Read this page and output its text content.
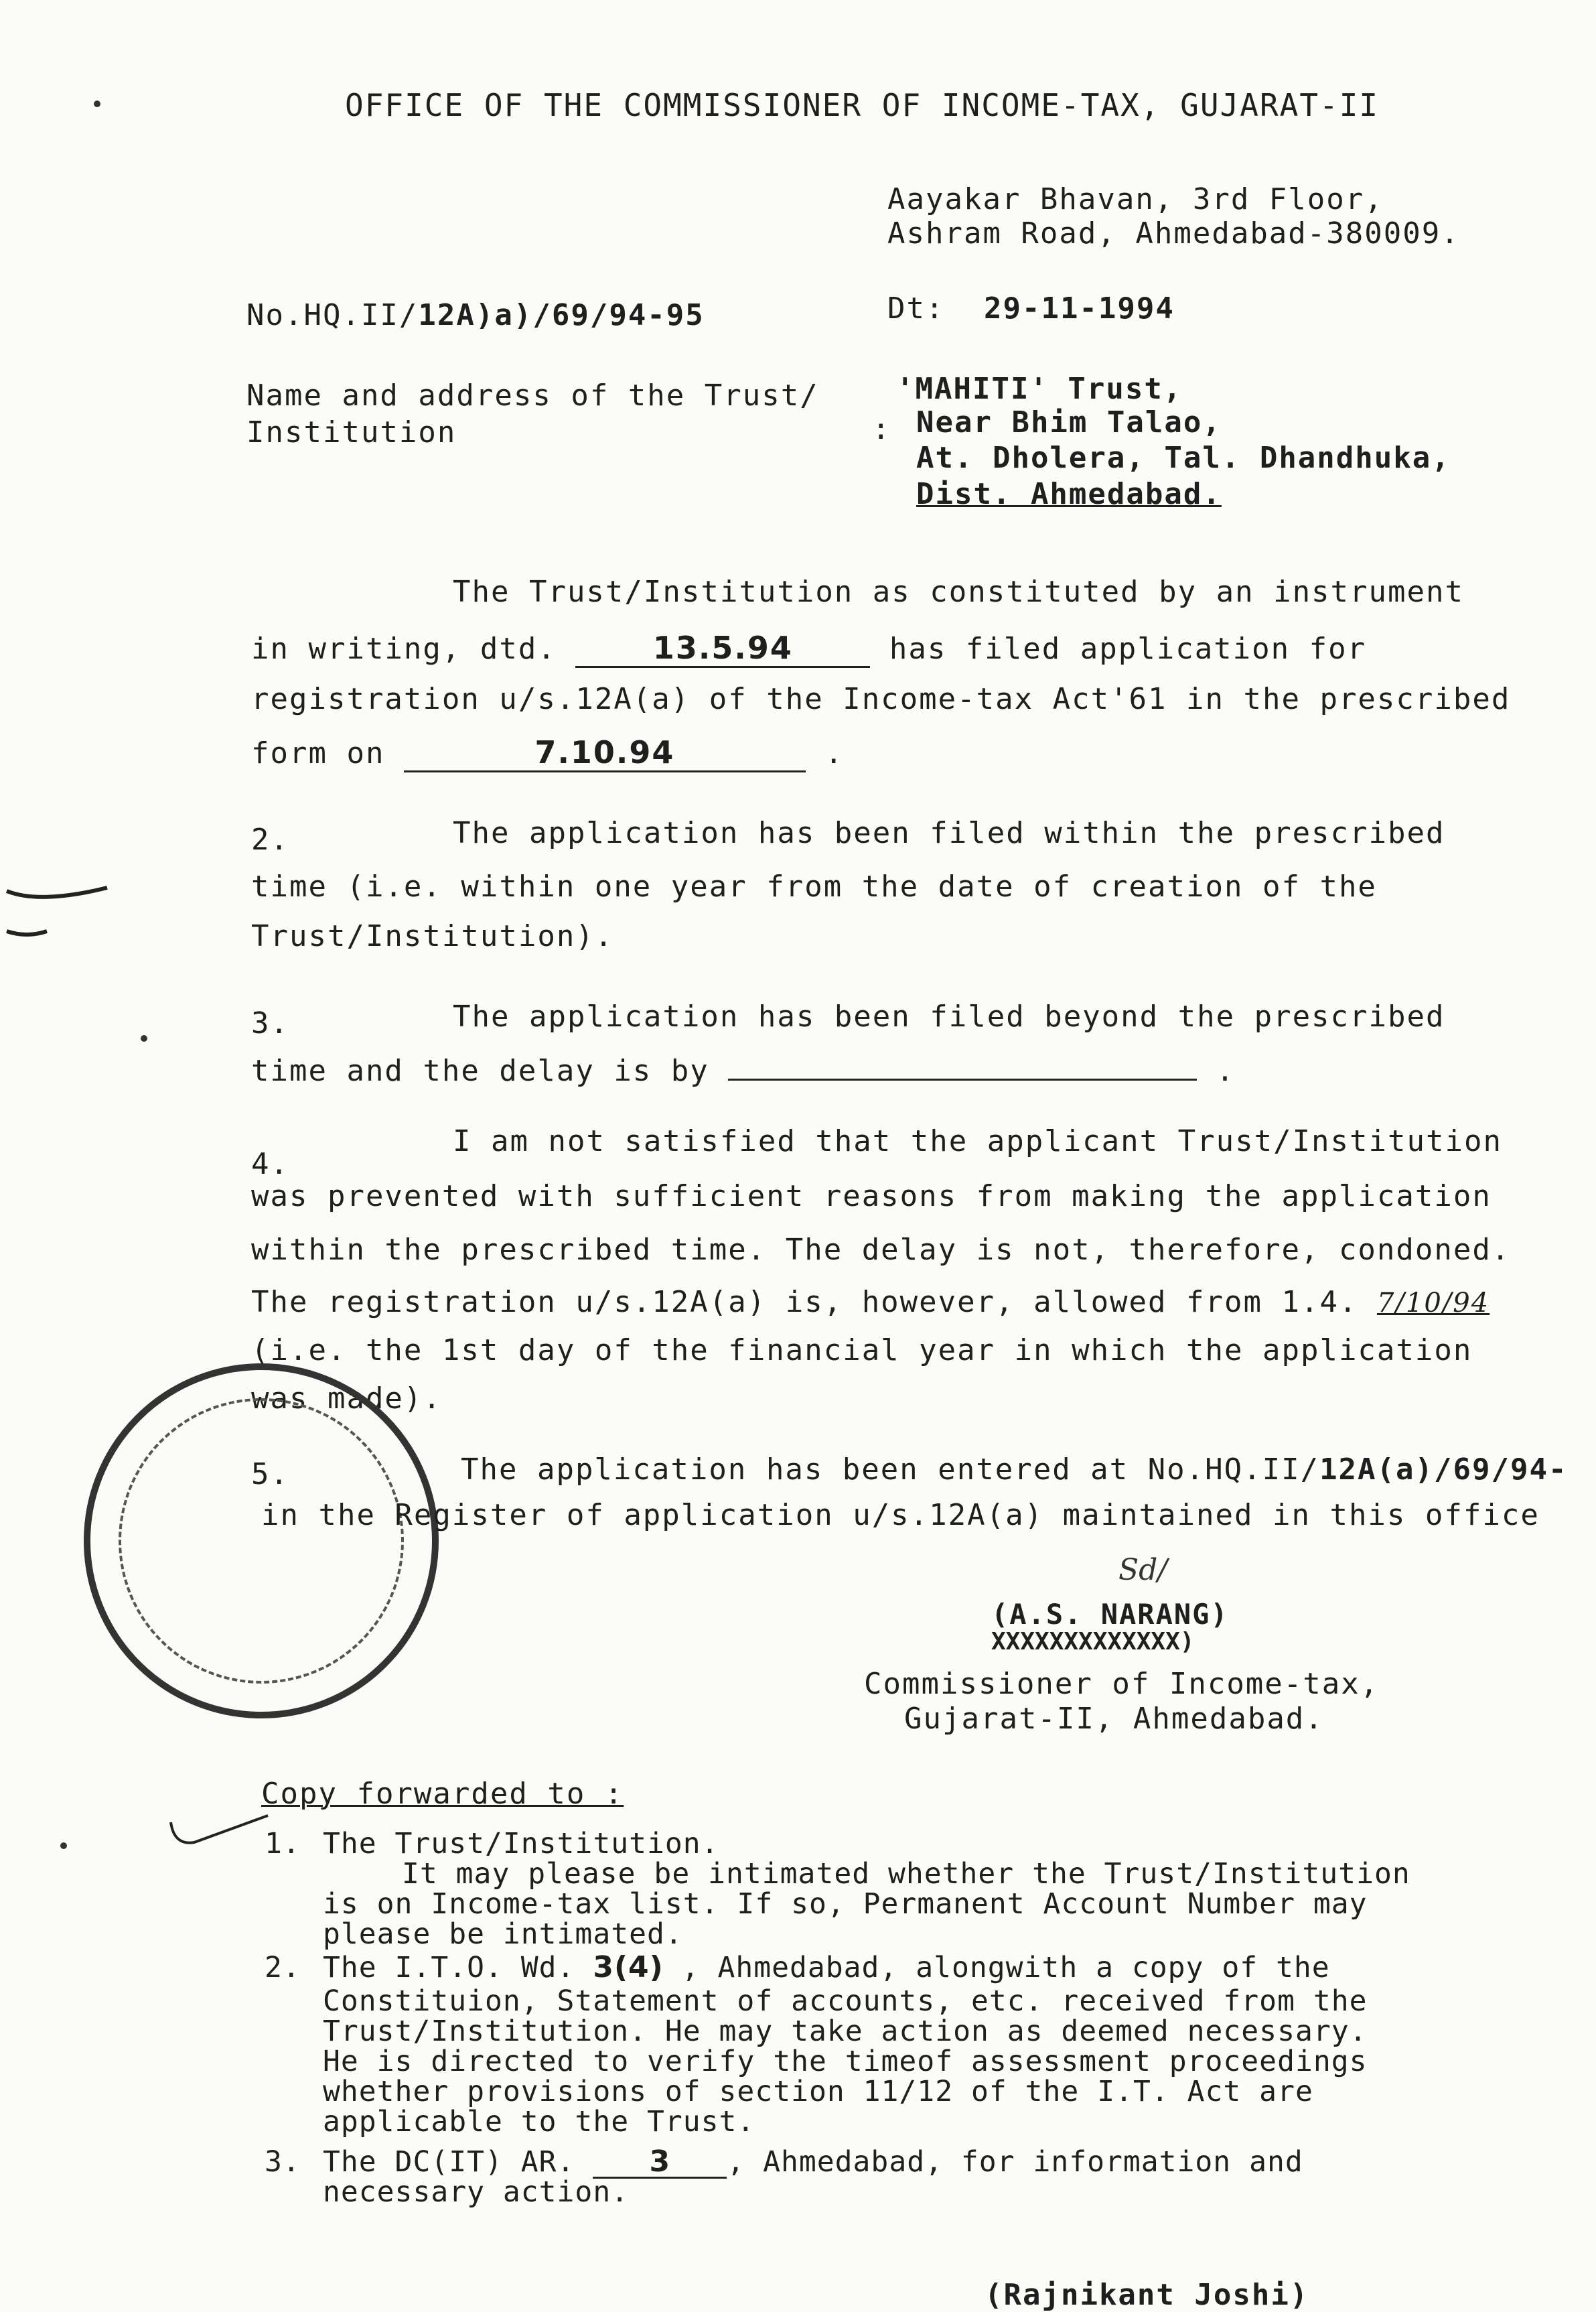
OFFICE OF THE COMMISSIONER OF INCOME-TAX, GUJARAT-II
Aayakar Bhavan, 3rd Floor,
Ashram Road, Ahmedabad-380009.
No.HQ.II/12A)a)/69/94-95	Dt: 29-11-1994
Name and address of the Trust/
Institution	:
'MAHITI' Trust,
Near Bhim Talao,
At. Dholera, Tal. Dhandhuka,
Dist. Ahmedabad.
The Trust/Institution as constituted by an instrument
in writing, dtd.	13.5.94	has filed application for
registration u/s.12A(a) of the Income-tax Act'61 in the prescribed
form on	7.10.94	.
2.	The application has been filed within the prescribed
time (i.e. within one year from the date of creation of the
Trust/Institution).
3.	The application has been filed beyond the prescribed
time and the delay is by	.
4.
I am not satisfied that the applicant Trust/Institution
was prevented with sufficient reasons from making the application
within the prescribed time. The delay is not, therefore, condoned.
The registration u/s.12A(a) is, however, allowed from 1.4. 7/10/94
(i.e. the 1st day of the financial year in which the application
was made).
5.	The application has been entered at No.HQ.II/12A(a)/69/94-
in the Register of application u/s.12A(a) maintained in this office
Sd/
(A.S. NARANG)
XXXXXXXXXXXXX)
Commissioner of Income-tax,
Gujarat-II, Ahmedabad.
Copy forwarded to :
1. The Trust/Institution.
It may please be intimated whether the Trust/Institution
is on Income-tax list. If so, Permanent Account Number may
please be intimated.
2. The I.T.O. Wd. 3(4) , Ahmedabad, alongwith a copy of the
Constituion, Statement of accounts, etc. received from the
Trust/Institution. He may take action as deemed necessary.
He is directed to verify the timeof assessment proceedings
whether provisions of section 11/12 of the I.T. Act are
applicable to the Trust.
3. The DC(IT) AR.	3 , Ahmedabad, for information and
necessary action.
(Rajnikant Joshi)
